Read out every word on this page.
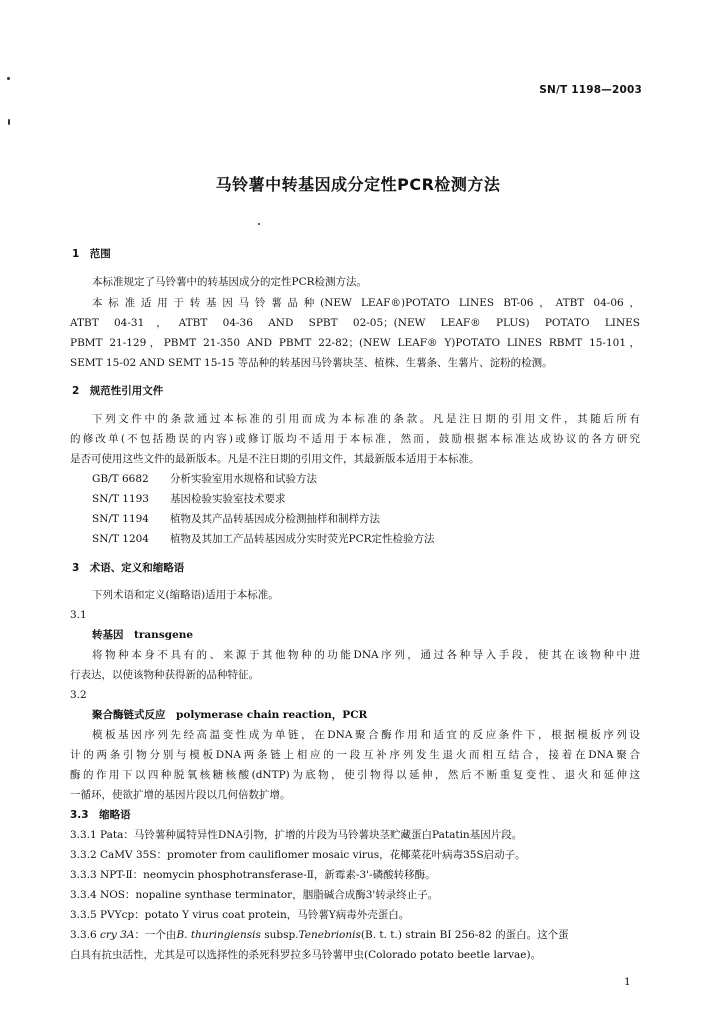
SN/T 1198—2003
马铃薯中转基因成分定性PCR检测方法
1　范围
本标准规定了马铃薯中的转基因成分的定性PCR检测方法。
本标准适用于转基因马铃薯品种(NEW LEAF®)POTATO LINES BT-06，ATBT 04-06，
ATBT 04-31，ATBT 04-36 AND SPBT 02-05；(NEW LEAF® PLUS) POTATO LINES
PBMT 21-129，PBMT 21-350 AND PBMT 22-82；(NEW LEAF® Y)POTATO LINES RBMT 15-101，
SEMT 15-02 AND SEMT 15-15 等品种的转基因马铃薯块茎、植株、生薯条、生薯片、淀粉的检测。
2　规范性引用文件
下列文件中的条款通过本标准的引用而成为本标准的条款。凡是注日期的引用文件，其随后所有
的修改单(不包括勘误的内容)或修订版均不适用于本标准，然而，鼓励根据本标准达成协议的各方研究
是否可使用这些文件的最新版本。凡是不注日期的引用文件，其最新版本适用于本标准。
GB/T 6682 分析实验室用水规格和试验方法
SN/T 1193 基因检验实验室技术要求
SN/T 1194 植物及其产品转基因成分检测抽样和制样方法
SN/T 1204 植物及其加工产品转基因成分实时荧光PCR定性检验方法
3　术语、定义和缩略语
下列术语和定义(缩略语)适用于本标准。
3.1
转基因　transgene
将物种本身不具有的、来源于其他物种的功能DNA序列，通过各种导入手段，使其在该物种中进
行表达，以使该物种获得新的品种特征。
3.2
聚合酶链式反应　polymerase chain reaction，PCR
模板基因序列先经高温变性成为单链，在DNA聚合酶作用和适宜的反应条件下，根据模板序列设
计的两条引物分别与模板DNA两条链上相应的一段互补序列发生退火而相互结合，接着在DNA聚合
酶的作用下以四种脱氧核糖核酸(dNTP)为底物，使引物得以延伸，然后不断重复变性、退火和延伸这
一循环，使欲扩增的基因片段以几何倍数扩增。
3.3　缩略语
3.3.1 Pata：马铃薯种属特异性DNA引物，扩增的片段为马铃薯块茎贮藏蛋白Patatin基因片段。
3.3.2 CaMV 35S：promoter from cauliflomer mosaic virus，花椰菜花叶病毒35S启动子。
3.3.3 NPT-Ⅱ：neomycin phosphotransferase-Ⅱ，新霉素-3'-磷酸转移酶。
3.3.4 NOS：nopaline synthase terminator，胭脂碱合成酶3'转录终止子。
3.3.5 PVYcp：potato Y virus coat protein，马铃薯Y病毒外壳蛋白。
3.3.6 cry 3A：一个由B. thuringiensis subsp.Tenebrionis(B. t. t.) strain BI 256-82 的蛋白。这个蛋
白具有抗虫活性，尤其是可以选择性的杀死科罗拉多马铃薯甲虫(Colorado potato beetle larvae)。
1
